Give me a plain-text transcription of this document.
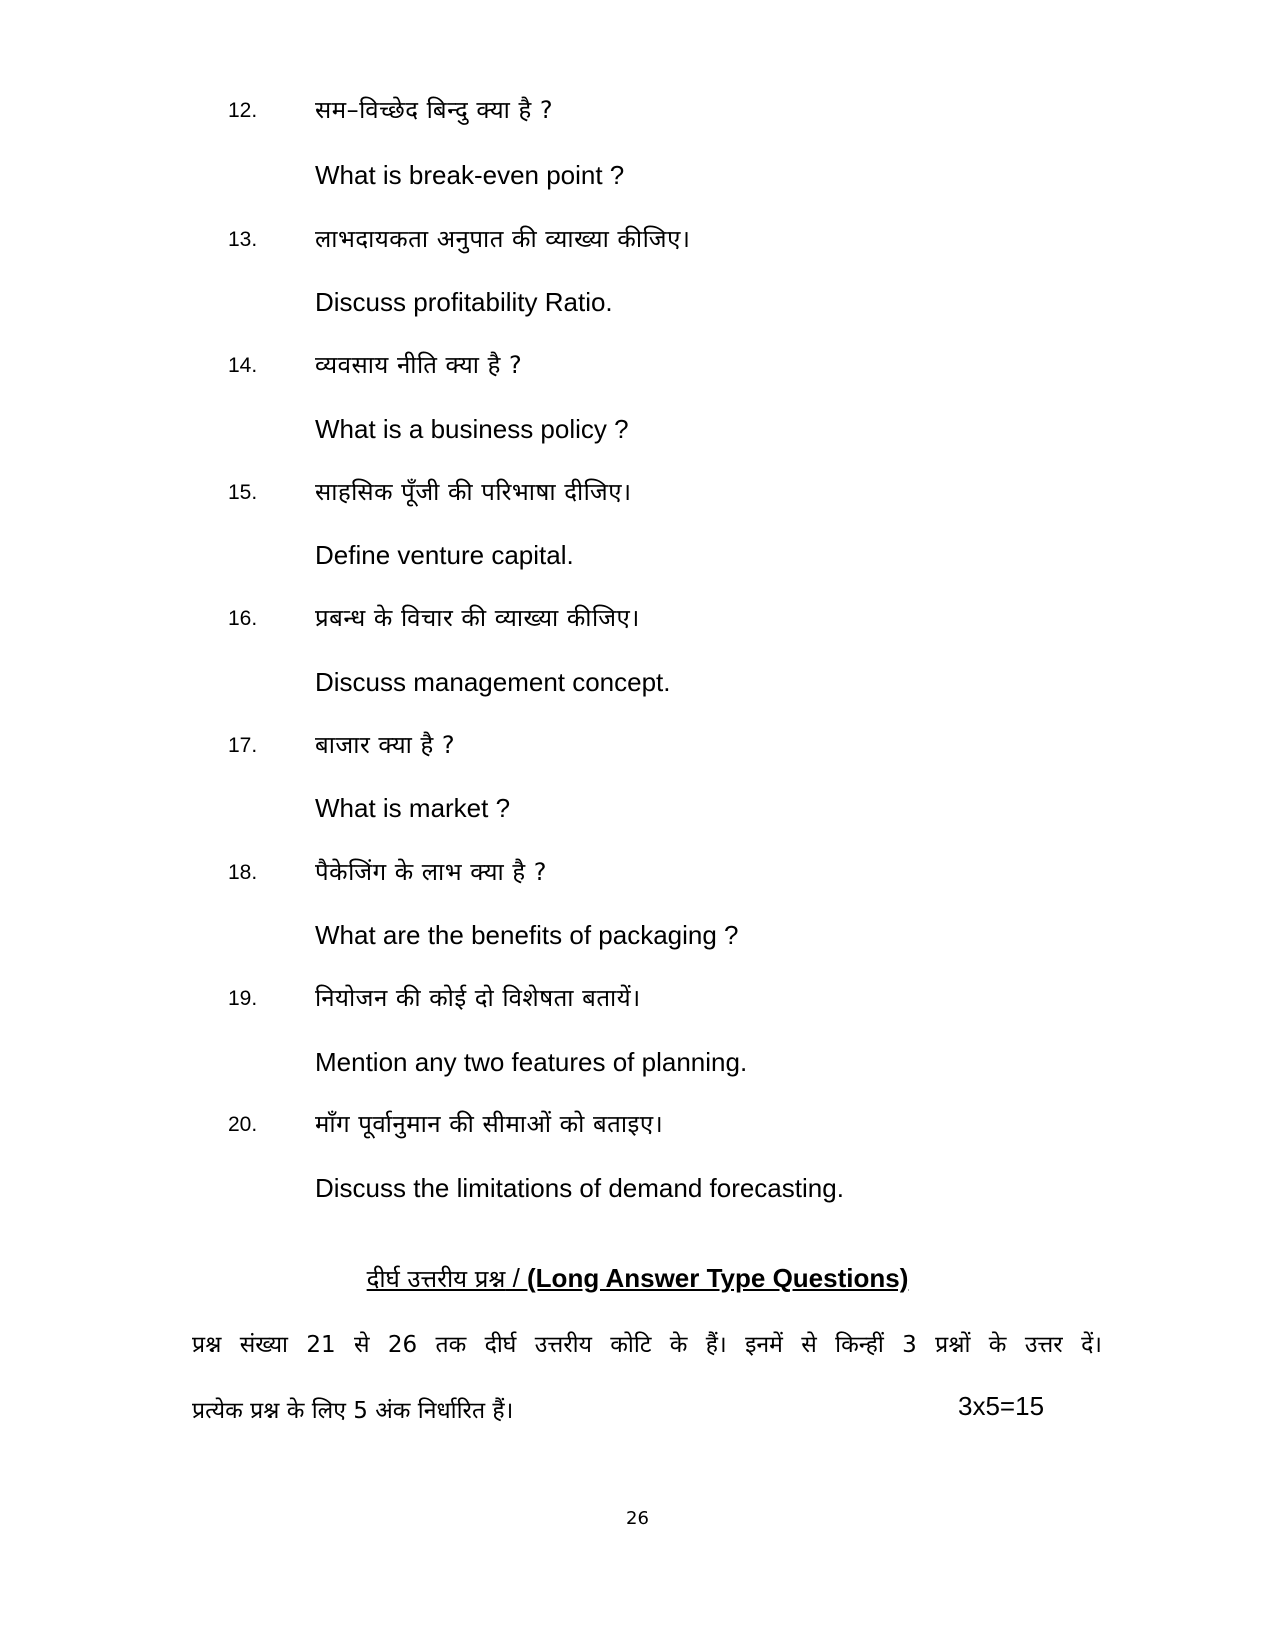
12. सम–विच्छेद बिन्दु क्या है ?
What is break-even point ?
13. लाभदायकता अनुपात की व्याख्या कीजिए।
Discuss profitability Ratio.
14. व्यवसाय नीति क्या है ?
What is a business policy ?
15. साहसिक पूँजी की परिभाषा दीजिए।
Define venture capital.
16. प्रबन्ध के विचार की व्याख्या कीजिए।
Discuss management concept.
17. बाजार क्या है ?
What is market ?
18. पैकेजिंग के लाभ क्या है ?
What are the benefits of packaging ?
19. नियोजन की कोई दो विशेषता बतायें।
Mention any two features of planning.
20. माँग पूर्वानुमान की सीमाओं को बताइए।
Discuss the limitations of demand forecasting.
दीर्घ उत्तरीय प्रश्न / (Long Answer Type Questions)
प्रश्न संख्या 21 से 26 तक दीर्घ उत्तरीय कोटि के हैं। इनमें से किन्हीं 3 प्रश्नों के उत्तर दें।
प्रत्येक प्रश्न के लिए 5 अंक निर्धारित हैं।	3x5=15
26
